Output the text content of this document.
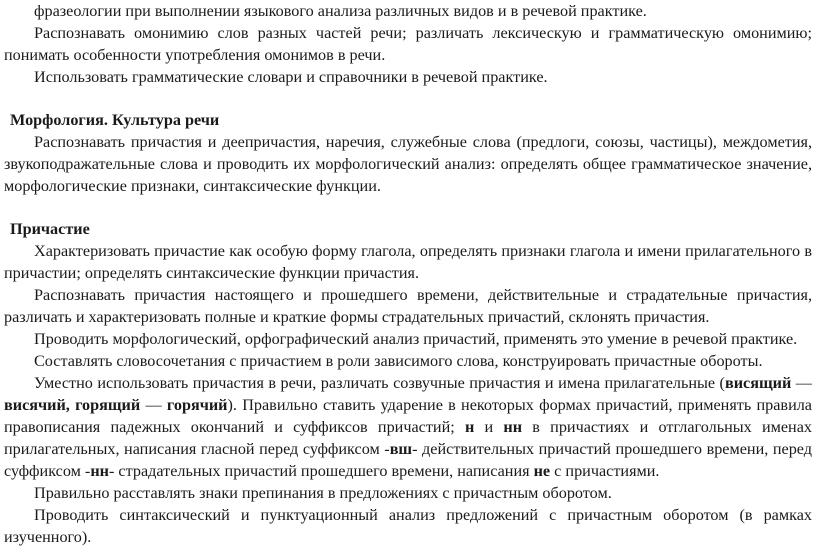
фразеологии при выполнении языкового анализа различных видов и в речевой практике.

Распознавать омонимию слов разных частей речи; различать лексическую и грамматическую омонимию; понимать особенности употребления омонимов в речи.

Использовать грамматические словари и справочники в речевой практике.

Морфология. Культура речи

Распознавать причастия и деепричастия, наречия, служебные слова (предлоги, союзы, частицы), междометия, звукоподражательные слова и проводить их морфологический анализ: определять общее грамматическое значение, морфологические признаки, синтаксические функции.

Причастие

Характеризовать причастие как особую форму глагола, определять признаки глагола и имени прилагательного в причастии; определять синтаксические функции причастия.

Распознавать причастия настоящего и прошедшего времени, действительные и страдательные причастия, различать и характеризовать полные и краткие формы страдательных причастий, склонять причастия.

Проводить морфологический, орфографический анализ причастий, применять это умение в речевой практике.

Составлять словосочетания с причастием в роли зависимого слова, конструировать причастные обороты.

Уместно использовать причастия в речи, различать созвучные причастия и имена прилагательные (висящий — висячий, горящий — горячий). Правильно ставить ударение в некоторых формах причастий, применять правила правописания падежных окончаний и суффиксов причастий; н и нн в причастиях и отглагольных именах прилагательных, написания гласной перед суффиксом -вш- действительных причастий прошедшего времени, перед суффиксом -нн- страдательных причастий прошедшего времени, написания не с причастиями.

Правильно расставлять знаки препинания в предложениях с причастным оборотом.

Проводить синтаксический и пунктуационный анализ предложений с причастным оборотом (в рамках изученного).
